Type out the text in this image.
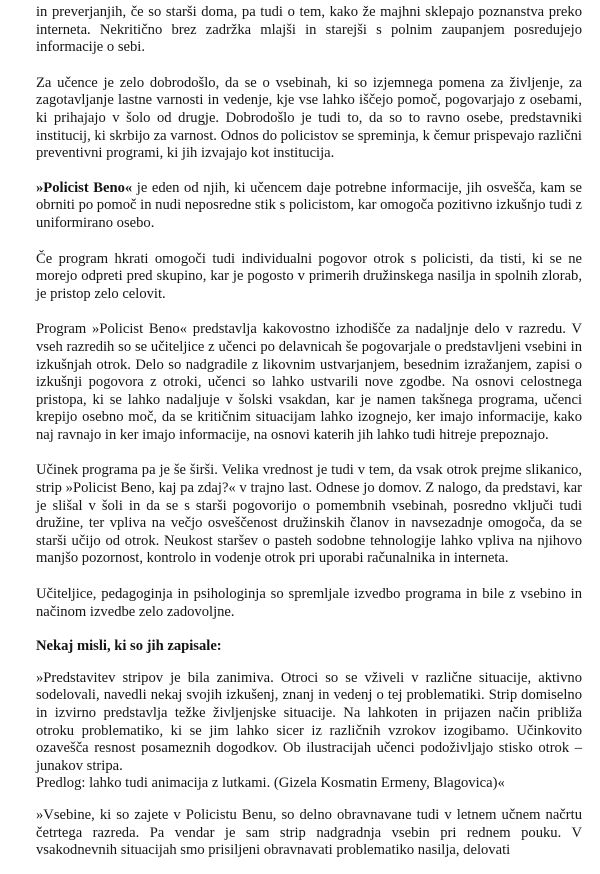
in preverjanjih, če so starši doma, pa tudi o tem, kako že majhni sklepajo poznanstva preko interneta. Nekritično brez zadržka mlajši in starejši s polnim zaupanjem posredujejo informacije o sebi.

Za učence je zelo dobrodošlo, da se o vsebinah, ki so izjemnega pomena za življenje, za zagotavljanje lastne varnosti in vedenje, kje vse lahko iščejo pomoč, pogovarjajo z osebami, ki prihajajo v šolo od drugje. Dobrodošlo je tudi to, da so to ravno osebe, predstavniki institucij, ki skrbijo za varnost. Odnos do policistov se spreminja, k čemur prispevajo različni preventivni programi, ki jih izvajajo kot institucija.

»Policist Beno« je eden od njih, ki učencem daje potrebne informacije, jih osvešča, kam se obrniti po pomoč in nudi neposredne stik s policistom, kar omogoča pozitivno izkušnjo tudi z uniformirano osebo.

Če program hkrati omogoči tudi individualni pogovor otrok s policisti, da tisti, ki se ne morejo odpreti pred skupino, kar je pogosto v primerih družinskega nasilja in spolnih zlorab, je pristop zelo celovit.

Program »Policist Beno« predstavlja kakovostno izhodišče za nadaljnje delo v razredu. V vseh razredih so se učiteljice z učenci po delavnicah še pogovarjale o predstavljeni vsebini in izkušnjah otrok. Delo so nadgradile z likovnim ustvarjanjem, besednim izražanjem, zapisi o izkušnji pogovora z otroki, učenci so lahko ustvarili nove zgodbe. Na osnovi celostnega pristopa, ki se lahko nadaljuje v šolski vsakdan, kar je namen takšnega programa, učenci krepijo osebno moč, da se kritičnim situacijam lahko izognejo, ker imajo informacije, kako naj ravnajo in ker imajo informacije, na osnovi katerih jih lahko tudi hitreje prepoznajo.

Učinek programa pa je še širši. Velika vrednost je tudi v tem, da vsak otrok prejme slikanico, strip »Policist Beno, kaj pa zdaj?« v trajno last. Odnese jo domov. Z nalogo, da predstavi, kar je slišal v šoli in da se s starši pogovorijo o pomembnih vsebinah, posredno vključi tudi družine, ter vpliva na večjo osveščenost družinskih članov in navsezadnje omogoča, da se starši učijo od otrok. Neukost staršev o pasteh sodobne tehnologije lahko vpliva na njihovo manjšo pozornost, kontrolo in vodenje otrok pri uporabi računalnika in interneta.

Učiteljice, pedagoginja in psihologinja so spremljale izvedbo programa in bile z vsebino in načinom izvedbe zelo zadovoljne.

Nekaj misli, ki so jih zapisale:

»Predstavitev stripov je bila zanimiva. Otroci so se vživeli v različne situacije, aktivno sodelovali, navedli nekaj svojih izkušenj, znanj in vedenj o tej problematiki. Strip domiselno in izvirno predstavlja težke življenjske situacije. Na lahkoten in prijazen način približa otroku problematiko, ki se jim lahko sicer iz različnih vzrokov izogibamo. Učinkovito ozavešča resnost posameznih dogodkov. Ob ilustracijah učenci podoživljajo stisko otrok – junakov stripa.
Predlog: lahko tudi animacija z lutkami. (Gizela Kosmatin Ermeny, Blagovica)«

»Vsebine, ki so zajete v Policistu Benu, so delno obravnavane tudi v letnem učnem načrtu četrtega razreda. Pa vendar je sam strip nadgradnja vsebin pri rednem pouku. V vsakodnevnih situacijah smo prisiljeni obravnavati problematiko nasilja, delovati
